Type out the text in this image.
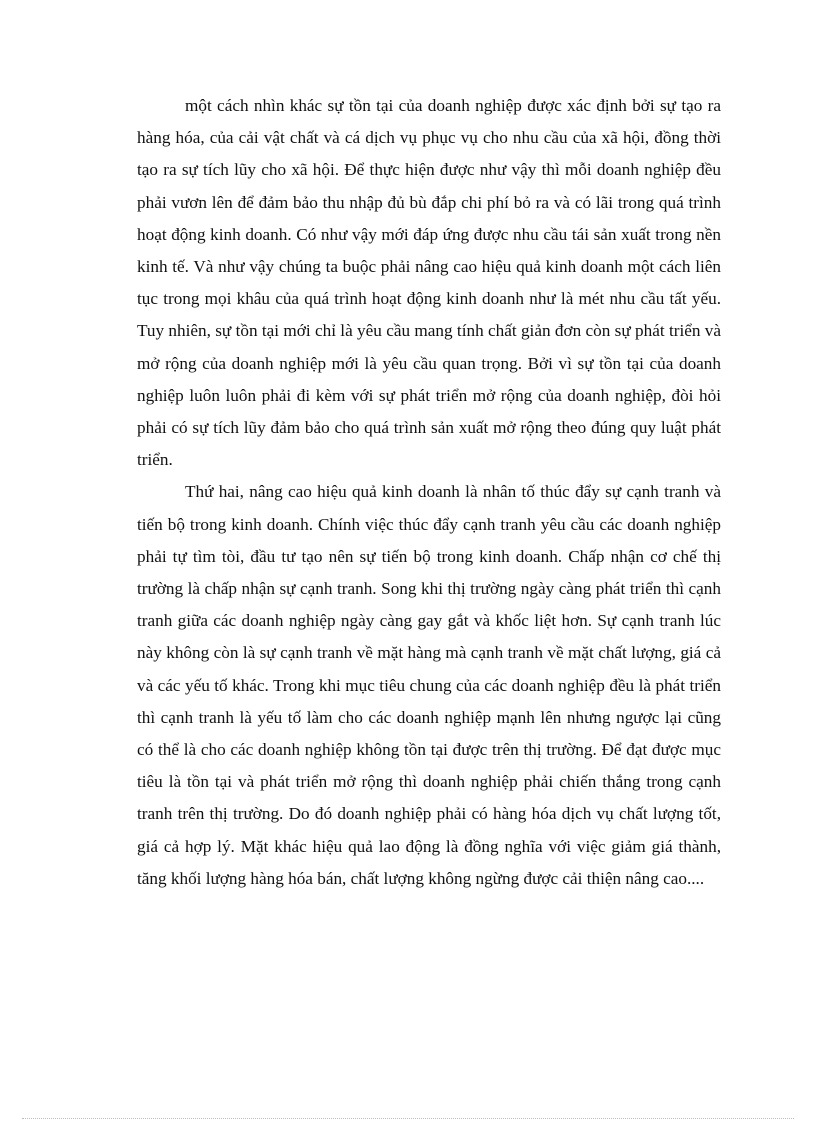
một cách nhìn khác sự tồn tại của doanh nghiệp được xác định bởi sự tạo ra hàng hóa, của cải vật chất và cá dịch vụ phục vụ cho nhu cầu của xã hội, đồng thời tạo ra sự tích lũy cho xã hội. Để thực hiện được như vậy thì mỗi doanh nghiệp đều phải vươn lên để đảm bảo thu nhập đủ bù đắp chi phí bỏ ra và có lãi trong quá trình hoạt động kinh doanh. Có như vậy mới đáp ứng được nhu cầu tái sản xuất trong nền kinh tế. Và như vậy chúng ta buộc phải nâng cao hiệu quả kinh doanh một cách liên tục trong mọi khâu của quá trình hoạt động kinh doanh như là mét nhu cầu tất yếu. Tuy nhiên, sự tồn tại mới chỉ là yêu cầu mang tính chất giản đơn còn sự phát triển và mở rộng của doanh nghiệp mới là yêu cầu quan trọng. Bởi vì sự tồn tại của doanh nghiệp luôn luôn phải đi kèm với sự phát triển mở rộng của doanh nghiệp, đòi hỏi phải có sự tích lũy đảm bảo cho quá trình sản xuất mở rộng theo đúng quy luật phát triển.

Thứ hai, nâng cao hiệu quả kinh doanh là nhân tố thúc đẩy sự cạnh tranh và tiến bộ trong kinh doanh. Chính việc thúc đẩy cạnh tranh yêu cầu các doanh nghiệp phải tự tìm tòi, đầu tư tạo nên sự tiến bộ trong kinh doanh. Chấp nhận cơ chế thị trường là chấp nhận sự cạnh tranh. Song khi thị trường ngày càng phát triển thì cạnh tranh giữa các doanh nghiệp ngày càng gay gắt và khốc liệt hơn. Sự cạnh tranh lúc này không còn là sự cạnh tranh về mặt hàng mà cạnh tranh về mặt chất lượng, giá cả và các yếu tố khác. Trong khi mục tiêu chung của các doanh nghiệp đều là phát triển thì cạnh tranh là yếu tố làm cho các doanh nghiệp mạnh lên nhưng ngược lại cũng có thể là cho các doanh nghiệp không tồn tại được trên thị trường. Để đạt được mục tiêu là tồn tại và phát triển mở rộng thì doanh nghiệp phải chiến thắng trong cạnh tranh trên thị trường. Do đó doanh nghiệp phải có hàng hóa dịch vụ chất lượng tốt, giá cả hợp lý. Mặt khác hiệu quả lao động là đồng nghĩa với việc giảm giá thành, tăng khối lượng hàng hóa bán, chất lượng không ngừng được cải thiện nâng cao....
